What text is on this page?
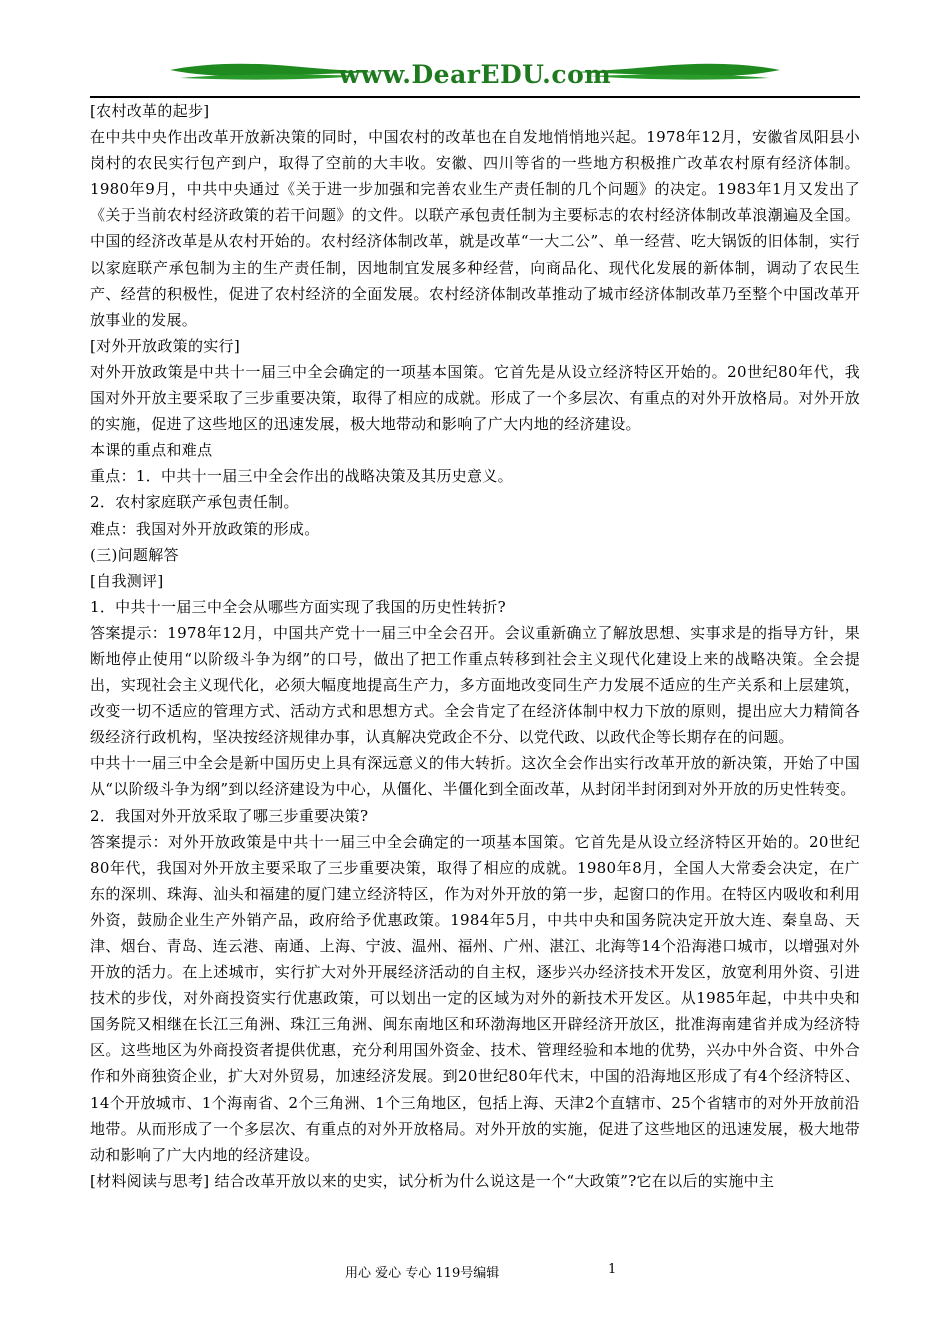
www.DearEDU.com

[农村改革的起步]

在中共中央作出改革开放新决策的同时，中国农村的改革也在自发地悄悄地兴起。1978年12月，安徽省凤阳县小岗村的农民实行包产到户，取得了空前的大丰收。安徽、四川等省的一些地方积极推广改革农村原有经济体制。1980年9月，中共中央通过《关于进一步加强和完善农业生产责任制的几个问题》的决定。1983年1月又发出了《关于当前农村经济政策的若干问题》的文件。以联产承包责任制为主要标志的农村经济体制改革浪潮遍及全国。中国的经济改革是从农村开始的。农村经济体制改革，就是改革“一大二公”、单一经营、吃大锅饭的旧体制，实行以家庭联产承包制为主的生产责任制，因地制宜发展多种经营，向商品化、现代化发展的新体制，调动了农民生产、经营的积极性，促进了农村经济的全面发展。农村经济体制改革推动了城市经济体制改革乃至整个中国改革开放事业的发展。

[对外开放政策的实行]

对外开放政策是中共十一届三中全会确定的一项基本国策。它首先是从设立经济特区开始的。20世纪80年代，我国对外开放主要采取了三步重要决策，取得了相应的成就。形成了一个多层次、有重点的对外开放格局。对外开放的实施，促进了这些地区的迅速发展，极大地带动和影响了广大内地的经济建设。

本课的重点和难点

重点：1．中共十一届三中全会作出的战略决策及其历史意义。

2．农村家庭联产承包责任制。

难点：我国对外开放政策的形成。

(三)问题解答

[自我测评]

1．中共十一届三中全会从哪些方面实现了我国的历史性转折?

答案提示：1978年12月，中国共产党十一届三中全会召开。会议重新确立了解放思想、实事求是的指导方针，果断地停止使用“以阶级斗争为纲”的口号，做出了把工作重点转移到社会主义现代化建设上来的战略决策。全会提出，实现社会主义现代化，必须大幅度地提高生产力，多方面地改变同生产力发展不适应的生产关系和上层建筑，改变一切不适应的管理方式、活动方式和思想方式。全会肯定了在经济体制中权力下放的原则，提出应大力精简各级经济行政机构，坚决按经济规律办事，认真解决党政企不分、以党代政、以政代企等长期存在的问题。

中共十一届三中全会是新中国历史上具有深远意义的伟大转折。这次全会作出实行改革开放的新决策，开始了中国从“以阶级斗争为纲”到以经济建设为中心，从僵化、半僵化到全面改革，从封闭半封闭到对外开放的历史性转变。

2．我国对外开放采取了哪三步重要决策?

答案提示：对外开放政策是中共十一届三中全会确定的一项基本国策。它首先是从设立经济特区开始的。20世纪80年代，我国对外开放主要采取了三步重要决策，取得了相应的成就。1980年8月，全国人大常委会决定，在广东的深圳、珠海、汕头和福建的厦门建立经济特区，作为对外开放的第一步，起窗口的作用。在特区内吸收和利用外资，鼓励企业生产外销产品，政府给予优惠政策。1984年5月，中共中央和国务院决定开放大连、秦皇岛、天津、烟台、青岛、连云港、南通、上海、宁波、温州、福州、广州、湛江、北海等14个沿海港口城市，以增强对外开放的活力。在上述城市，实行扩大对外开展经济活动的自主权，逐步兴办经济技术开发区，放宽利用外资、引进技术的步伐，对外商投资实行优惠政策，可以划出一定的区域为对外的新技术开发区。从1985年起，中共中央和国务院又相继在长江三角洲、珠江三角洲、闽东南地区和环渤海地区开辟经济开放区，批准海南建省并成为经济特区。这些地区为外商投资者提供优惠，充分利用国外资金、技术、管理经验和本地的优势，兴办中外合资、中外合作和外商独资企业，扩大对外贸易，加速经济发展。到20世纪80年代末，中国的沿海地区形成了有4个经济特区、14个开放城市、1个海南省、2个三角洲、1个三角地区，包括上海、天津2个直辖市、25个省辖市的对外开放前沿地带。从而形成了一个多层次、有重点的对外开放格局。对外开放的实施，促进了这些地区的迅速发展，极大地带动和影响了广大内地的经济建设。

[材料阅读与思考] 结合改革开放以来的史实，试分析为什么说这是一个“大政策”?它在以后的实施中主

用心 爱心 专心 119号编辑	1
